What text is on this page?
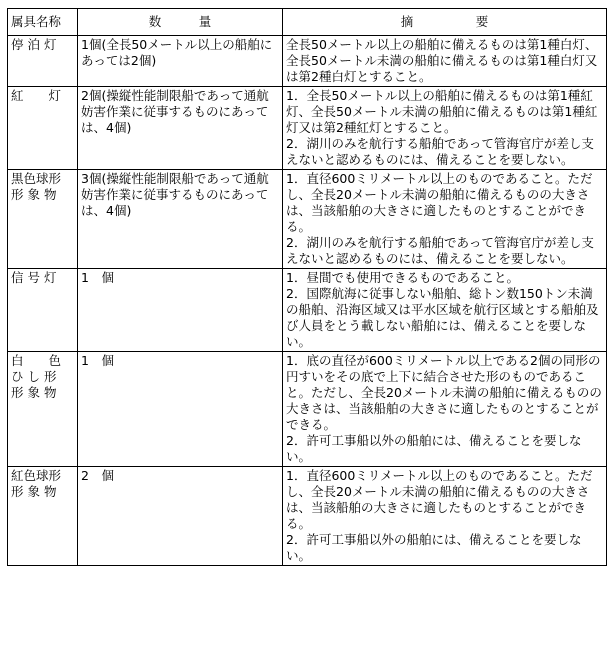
属具名称	数　　　量	摘　　　　　要

停 泊 灯	1個(全長50メートル以上の船舶にあっては2個)	全長50メートル以上の船舶に備えるものは第1種白灯、全長50メートル未満の船舶に備えるものは第1種白灯又は第2種白灯とすること。

紅　　灯	2個(操縦性能制限船であって通航妨害作業に従事するものにあっては、4個)	1．全長50メートル以上の船舶に備えるものは第1種紅灯、全長50メートル未満の船舶に備えるものは第1種紅灯又は第2種紅灯とすること。
2．湖川のみを航行する船舶であって管海官庁が差し支えないと認めるものには、備えることを要しない。

黒色球形
形 象 物	3個(操縦性能制限船であって通航妨害作業に従事するものにあっては、4個)	1．直径600ミリメートル以上のものであること。ただし、全長20メートル未満の船舶に備えるものの大きさは、当該船舶の大きさに適したものとすることができる。
2．湖川のみを航行する船舶であって管海官庁が差し支えないと認めるものには、備えることを要しない。

信 号 灯	1　個	1．昼間でも使用できるものであること。
2．国際航海に従事しない船舶、総トン数150トン未満の船舶、沿海区域又は平水区域を航行区域とする船舶及び人員をとう載しない船舶には、備えることを要しない。

白　　色
ひ し 形
形 象 物	1　個	1．底の直径が600ミリメートル以上である2個の同形の円すいをその底で上下に結合させた形のものであること。ただし、全長20メートル未満の船舶に備えるものの大きさは、当該船舶の大きさに適したものとすることができる。
2．許可工事船以外の船舶には、備えることを要しない。

紅色球形
形 象 物	2　個	1．直径600ミリメートル以上のものであること。ただし、全長20メートル未満の船舶に備えるものの大きさは、当該船舶の大きさに適したものとすることができる。
2．許可工事船以外の船舶には、備えることを要しない。
